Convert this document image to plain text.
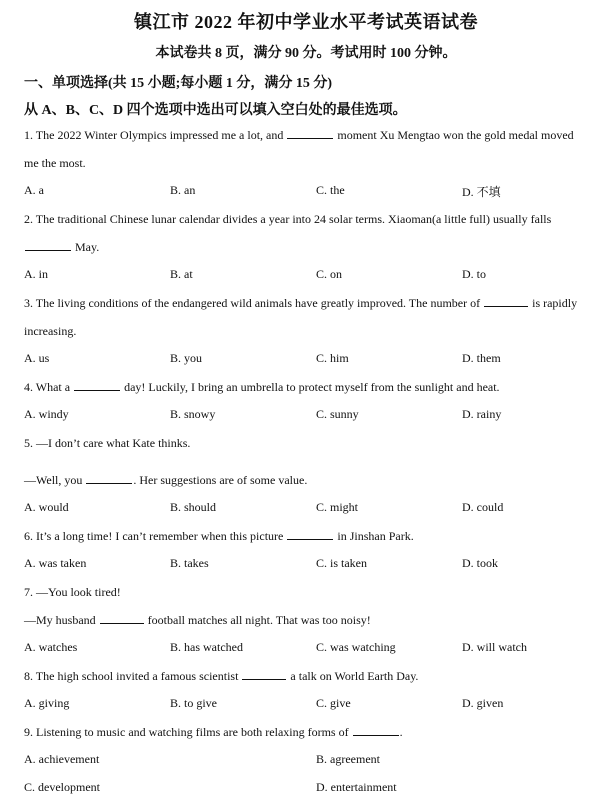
镇江市 2022 年初中学业水平考试英语试卷
本试卷共 8 页，满分 90 分。考试用时 100 分钟。
一、单项选择(共 15 小题;每小题 1 分，满分 15 分)
从 A、B、C、D 四个选项中选出可以填入空白处的最佳选项。
1. The 2022 Winter Olympics impressed me a lot, and	moment Xu Mengtao won the gold medal moved
me the most.
A. a	B. an	C. the	D. 不填
2. The traditional Chinese lunar calendar divides a year into 24 solar terms. Xiaoman(a little full) usually falls
May.
A. in	B. at	C. on	D. to
3. The living conditions of the endangered wild animals have greatly improved. The number of	is rapidly
increasing.
A. us	B. you	C. him	D. them
4. What a	day! Luckily, I bring an umbrella to protect myself from the sunlight and heat.
A. windy	B. snowy	C. sunny	D. rainy
5. —I don’t care what Kate thinks.
—Well, you	. Her suggestions are of some value.
A. would	B. should	C. might	D. could
6. It’s a long time! I can’t remember when this picture	in Jinshan Park.
A. was taken	B. takes	C. is taken	D. took
7. —You look tired!
—My husband	football matches all night. That was too noisy!
A. watches	B. has watched	C. was watching	D. will watch
8. The high school invited a famous scientist	a talk on World Earth Day.
A. giving	B. to give	C. give	D. given
9. Listening to music and watching films are both relaxing forms of	.
A. achievement	B. agreement
C. development	D. entertainment
